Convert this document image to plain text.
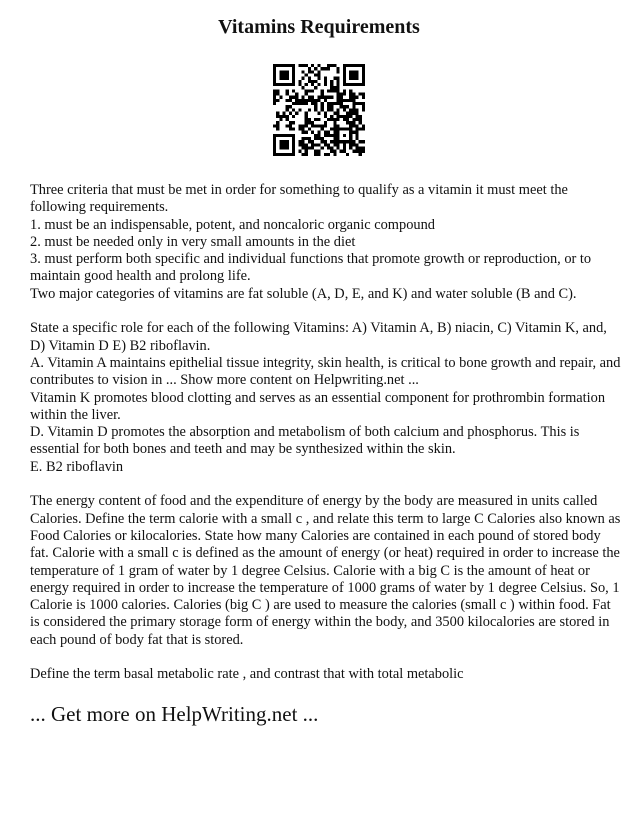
Vitamins Requirements
Three criteria that must be met in order for something to qualify as a vitamin it must meet the
following requirements.
1. must be an indispensable, potent, and noncaloric organic compound
2. must be needed only in very small amounts in the diet
3. must perform both specific and individual functions that promote growth or reproduction, or to
maintain good health and prolong life.
Two major categories of vitamins are fat soluble (A, D, E, and K) and water soluble (B and C).
State a specific role for each of the following Vitamins: A) Vitamin A, B) niacin, C) Vitamin K, and,
D) Vitamin D E) B2 riboflavin.
A. Vitamin A maintains epithelial tissue integrity, skin health, is critical to bone growth and repair, and
contributes to vision in ... Show more content on Helpwriting.net ...
Vitamin K promotes blood clotting and serves as an essential component for prothrombin formation
within the liver.
D. Vitamin D promotes the absorption and metabolism of both calcium and phosphorus. This is
essential for both bones and teeth and may be synthesized within the skin.
E. B2 riboflavin
The energy content of food and the expenditure of energy by the body are measured in units called
Calories. Define the term calorie with a small c , and relate this term to large C Calories also known as
Food Calories or kilocalories. State how many Calories are contained in each pound of stored body
fat. Calorie with a small c is defined as the amount of energy (or heat) required in order to increase the
temperature of 1 gram of water by 1 degree Celsius. Calorie with a big C is the amount of heat or
energy required in order to increase the temperature of 1000 grams of water by 1 degree Celsius. So, 1
Calorie is 1000 calories. Calories (big C ) are used to measure the calories (small c ) within food. Fat
is considered the primary storage form of energy within the body, and 3500 kilocalories are stored in
each pound of body fat that is stored.
Define the term basal metabolic rate , and contrast that with total metabolic
... Get more on HelpWriting.net ...
